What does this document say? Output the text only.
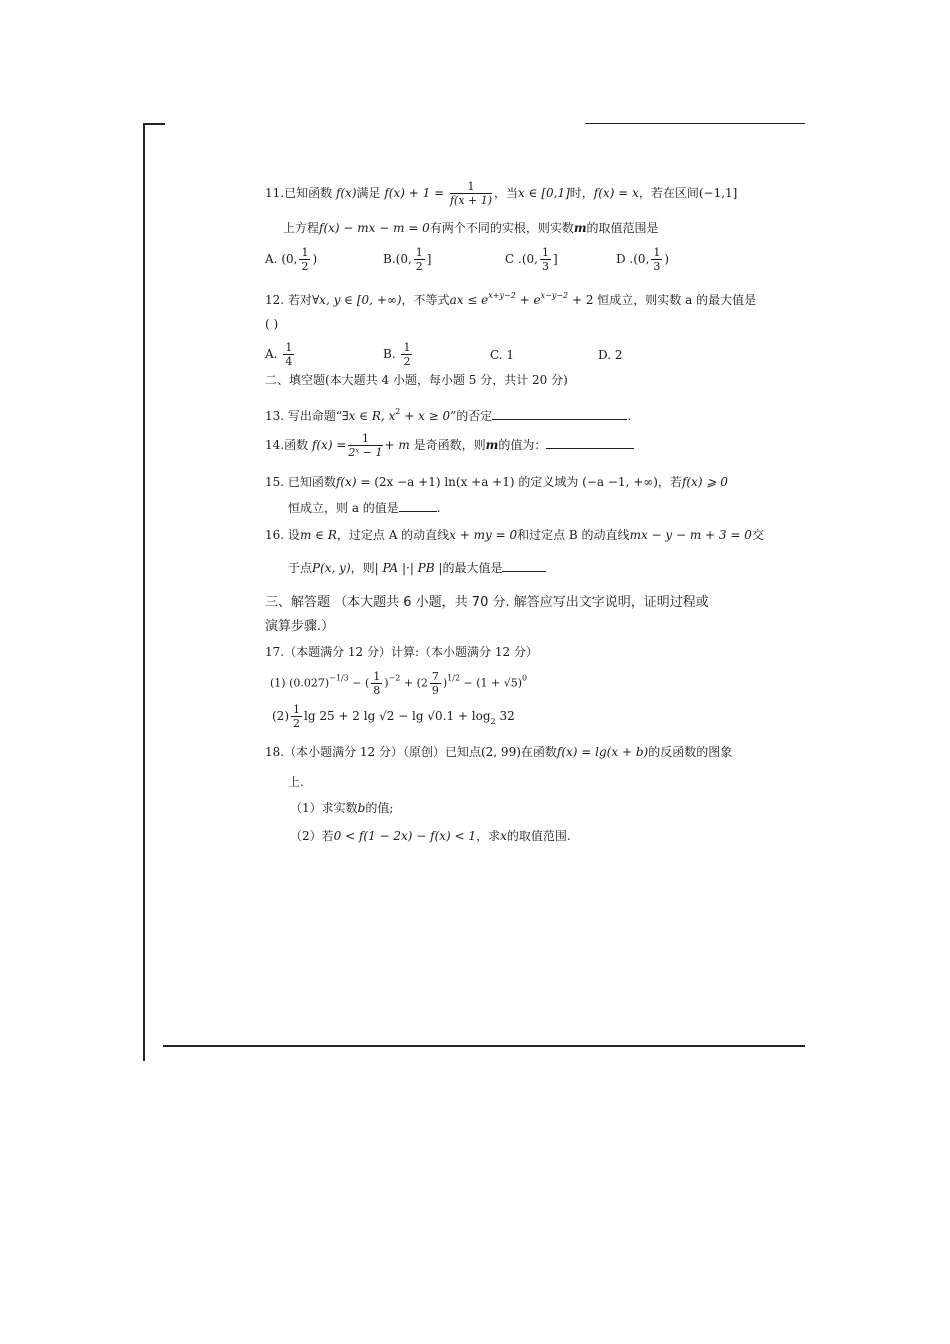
11.已知函数 f(x)满足 $f(x) + 1 = \frac{1}{f(x + 1)}$ ，当x ∈ [0,1]时，f(x) = x，若在区间(−1,1]
上方程f(x) − mx − m = 0有两个不同的实根，则实数m的取值范围是
A. (0, $\frac{1}{2}$ )	B.(0, $\frac{1}{2}$ ]	C .(0, $\frac{1}{3}$ ]	D .(0, $\frac{1}{3}$ )
12. 若对∀x, y ∈ [0, +∞)，不等式ax ≤ $e^{x+y-2} + e^{x-y-2} + 2$ 恒成立，则实数 a 的最大值是
( )
A. $\frac{1}{4}$	B. $\frac{1}{2}$	C. 1	D. 2
二、填空题(本大题共 4 小题，每小题 5 分，共计 20 分)
13. 写出命题“∃x ∈ R, $x^2 + x \ge 0$”的否定	.
14.函数 $f(x) = \frac{1}{\text{2ˣ − 1}} + m$ 是奇函数，则m的值为：
15. 已知函数f(x) = (2x −a +1) ln(x +a +1) 的定义域为 (−a −1, +∞)，若f(x) ⩾ 0
恒成立，则 a 的值是	.
16. 设m ∈ R，过定点 A 的动直线x + my = 0和过定点 B 的动直线mx − y − m + 3 = 0交
于点P(x, y)，则| PA |·| PB |的最大值是
三、解答题 （本大题共 6 小题，共 70 分. 解答应写出文字说明，证明过程或
演算步骤.）
17.（本题满分 12 分）计算:（本小题满分 12 分）
(1) $(0.027)^{-1/3}$ − ( $\frac{1}{8} )^{-2} + (2 \frac{7}{9} )^{1/2} - (1 + √5)^0$
$(2) \frac{1}{2}$ lg 25 + 2 $\lg √2 - \lg √0.1 + \log_2 32$
18.（本小题满分 12 分）（原创）已知点(2, 99)在函数f(x) = lg(x + b)的反函数的图象
上.
（1）求实数b的值;
（2）若0 < f(1 − 2x) − f(x) < 1，求x的取值范围.
